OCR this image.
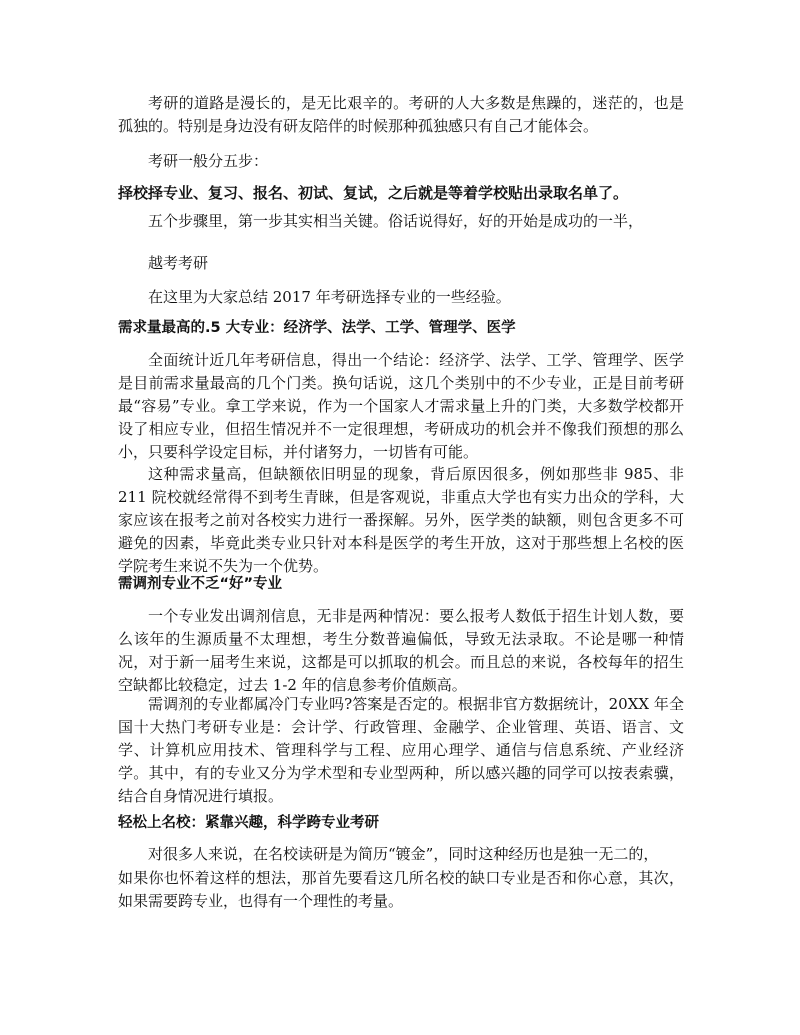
考研的道路是漫长的，是无比艰辛的。考研的人大多数是焦躁的，迷茫的，也是孤独的。特别是身边没有研友陪伴的时候那种孤独感只有自己才能体会。

考研一般分五步：

择校择专业、复习、报名、初试、复试，之后就是等着学校贴出录取名单了。

五个步骤里，第一步其实相当关键。俗话说得好，好的开始是成功的一半，

越考考研

在这里为大家总结 2017 年考研选择专业的一些经验。

需求量最高的.5 大专业：经济学、法学、工学、管理学、医学

全面统计近几年考研信息，得出一个结论：经济学、法学、工学、管理学、医学是目前需求量最高的几个门类。换句话说，这几个类别中的不少专业，正是目前考研最“容易”专业。拿工学来说，作为一个国家人才需求量上升的门类，大多数学校都开设了相应专业，但招生情况并不一定很理想，考研成功的机会并不像我们预想的那么小，只要科学设定目标，并付诸努力，一切皆有可能。

这种需求量高，但缺额依旧明显的现象，背后原因很多，例如那些非 985、非 211 院校就经常得不到考生青睐，但是客观说，非重点大学也有实力出众的学科，大家应该在报考之前对各校实力进行一番探解。另外，医学类的缺额，则包含更多不可避免的因素，毕竟此类专业只针对本科是医学的考生开放，这对于那些想上名校的医学院考生来说不失为一个优势。

需调剂专业不乏“好”专业

一个专业发出调剂信息，无非是两种情况：要么报考人数低于招生计划人数，要么该年的生源质量不太理想，考生分数普遍偏低，导致无法录取。不论是哪一种情况，对于新一届考生来说，这都是可以抓取的机会。而且总的来说，各校每年的招生空缺都比较稳定，过去 1-2 年的信息参考价值颇高。

需调剂的专业都属冷门专业吗?答案是否定的。根据非官方数据统计，20XX 年全国十大热门考研专业是：会计学、行政管理、金融学、企业管理、英语、语言、文学、计算机应用技术、管理科学与工程、应用心理学、通信与信息系统、产业经济学。其中，有的专业又分为学术型和专业型两种，所以感兴趣的同学可以按表索骥，结合自身情况进行填报。

轻松上名校：紧靠兴趣，科学跨专业考研

对很多人来说，在名校读研是为简历“镀金”，同时这种经历也是独一无二的，

如果你也怀着这样的想法，那首先要看这几所名校的缺口专业是否和你心意，其次，如果需要跨专业，也得有一个理性的考量。
